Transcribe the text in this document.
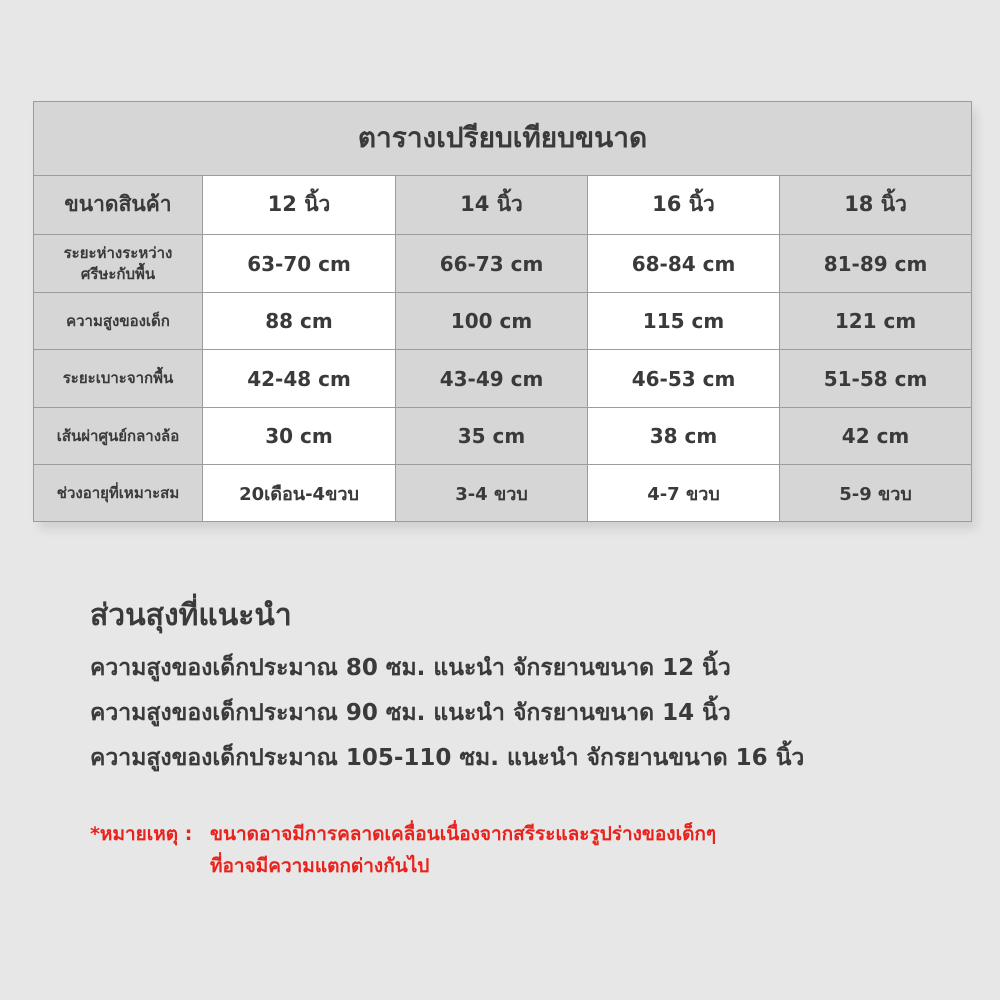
ตารางเปรียบเทียบขนาด				
ขนาดสินค้า	12 นิ้ว	14 นิ้ว	16 นิ้ว	18 นิ้ว

ระยะห่างระหว่าง
ศรีษะกับพื้น	63-70 cm	66-73 cm	68-84 cm	81-89 cm
ความสูงของเด็ก	88 cm	100 cm	115 cm	121 cm
ระยะเบาะจากพื้น	42-48 cm	43-49 cm	46-53 cm	51-58 cm
เส้นผ่าศูนย์กลางล้อ	30 cm	35 cm	38 cm	42 cm
ช่วงอายุที่เหมาะสม	20เดือน-4ขวบ	3-4 ขวบ	4-7 ขวบ	5-9 ขวบ
ส่วนสุงที่แนะนำ

ความสูงของเด็กประมาณ 80 ซม. แนะนำ จักรยานขนาด 12 นิ้ว

ความสูงของเด็กประมาณ 90 ซม. แนะนำ จักรยานขนาด 14 นิ้ว

ความสูงของเด็กประมาณ 105-110 ซม. แนะนำ จักรยานขนาด 16 นิ้ว

*หมายเหตุ : ขนาดอาจมีการคลาดเคลื่อนเนื่องจากสรีระและรูปร่างของเด็กๆ
ที่อาจมีความแตกต่างกันไป
